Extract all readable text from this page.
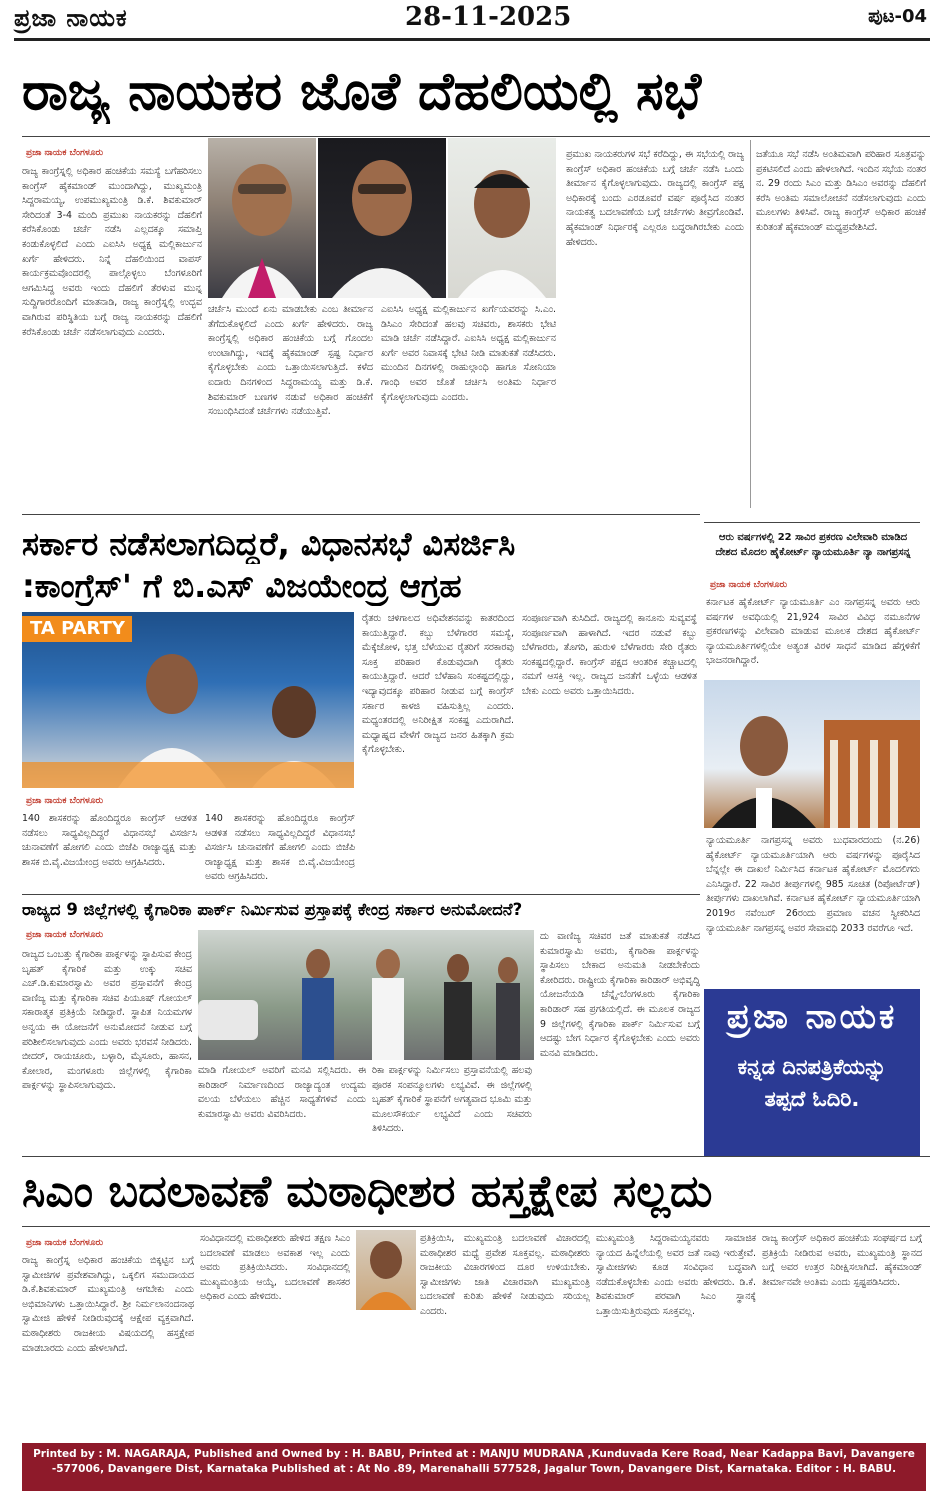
ಪ್ರಜಾ ನಾಯಕ	28-11-2025	ಪುಟ-04
ರಾಜ್ಯ ನಾಯಕರ ಜೊತೆ ದೆಹಲಿಯಲ್ಲಿ ಸಭೆ
ಪ್ರಜಾ ನಾಯಕ ಬೆಂಗಳೂರು
ರಾಜ್ಯ ಕಾಂಗ್ರೆಸ್ನಲ್ಲಿ ಅಧಿಕಾರ ಹಂಚಿಕೆಯ ಸಮಸ್ಯೆ ಬಗೆಹರಿಸಲು ಕಾಂಗ್ರೆಸ್ ಹೈಕಮಾಂಡ್ ಮುಂದಾಗಿದ್ದು, ಮುಖ್ಯಮಂತ್ರಿ ಸಿದ್ದರಾಮಯ್ಯ, ಉಪಮುಖ್ಯಮಂತ್ರಿ ಡಿ.ಕೆ. ಶಿವಕುಮಾರ್ ಸೇರಿದಂತೆ 3-4 ಮಂದಿ ಪ್ರಮುಖ ನಾಯಕರನ್ನು ದೆಹಲಿಗೆ ಕರೆಸಿಕೊಂಡು ಚರ್ಚೆ ನಡೆಸಿ ಎಲ್ಲದಕ್ಕೂ ಸಮಾಪ್ತಿ ಕಂಡುಕೊಳ್ಳಲಿದೆ ಎಂದು ಎಐಸಿಸಿ ಅಧ್ಯಕ್ಷ ಮಲ್ಲಿಕಾರ್ಜುನ ಖರ್ಗೆ ಹೇಳಿದರು. ನಿನ್ನೆ ದೆಹಲಿಯಿಂದ ವಾಪಸ್ ಕಾರ್ಯಕ್ರಮವೊಂದರಲ್ಲಿ ಪಾಲ್ಗೊಳ್ಳಲು ಬೆಂಗಳೂರಿಗೆ ಆಗಮಿಸಿದ್ದ ಅವರು ಇಂದು ದೆಹಲಿಗೆ ತೆರಳುವ ಮುನ್ನ ಸುದ್ದಿಗಾರರೊಂದಿಗೆ ಮಾತನಾಡಿ, ರಾಜ್ಯ ಕಾಂಗ್ರೆಸ್ನಲ್ಲಿ ಉದ್ಭವ ವಾಗಿರುವ ಪರಿಸ್ಥಿತಿಯ ಬಗ್ಗೆ ರಾಜ್ಯ ನಾಯಕರನ್ನು ದೆಹಲಿಗೆ ಕರೆಸಿಕೊಂಡು ಚರ್ಚೆ ನಡೆಸಲಾಗುವುದು ಎಂದರು.
ಚರ್ಚೆಸಿ ಮುಂದೆ ಏನು ಮಾಡಬೇಕು ಎಂಬ ತೀರ್ಮಾನ ತೆಗೆದುಕೊಳ್ಳಲಿದೆ ಎಂದು ಖರ್ಗೆ ಹೇಳಿದರು. ರಾಜ್ಯ ಕಾಂಗ್ರೆಸ್ನಲ್ಲಿ ಅಧಿಕಾರ ಹಂಚಿಕೆಯ ಬಗ್ಗೆ ಗೊಂದಲ ಉಂಟಾಗಿದ್ದು, ಇದಕ್ಕೆ ಹೈಕಮಾಂಡ್ ಸ್ಪಷ್ಟ ನಿರ್ಧಾರ ಕೈಗೊಳ್ಳಬೇಕು ಎಂದು ಒತ್ತಾಯಿಸಲಾಗುತ್ತಿದೆ. ಕಳೆದ ಐದಾರು ದಿನಗಳಿಂದ ಸಿದ್ದರಾಮಯ್ಯ ಮತ್ತು ಡಿ.ಕೆ. ಶಿವಕುಮಾರ್ ಬಣಗಳ ನಡುವೆ ಅಧಿಕಾರ ಹಂಚಿಕೆಗೆ ಸಂಬಂಧಿಸಿದಂತೆ ಚರ್ಚೆಗಳು ನಡೆಯುತ್ತಿವೆ.
ಎಐಸಿಸಿ ಅಧ್ಯಕ್ಷ ಮಲ್ಲಿಕಾರ್ಜುನ ಖರ್ಗೆಯವರನ್ನು ಸಿ.ಎಂ. ಡಿಸಿಎಂ ಸೇರಿದಂತೆ ಹಲವು ಸಚಿವರು, ಶಾಸಕರು ಭೇಟಿ ಮಾಡಿ ಚರ್ಚೆ ನಡೆಸಿದ್ದಾರೆ. ಎಐಸಿಸಿ ಅಧ್ಯಕ್ಷ ಮಲ್ಲಿಕಾರ್ಜುನ ಖರ್ಗೆ ಅವರ ನಿವಾಸಕ್ಕೆ ಭೇಟಿ ನೀಡಿ ಮಾತುಕತೆ ನಡೆಸಿದರು. ಮುಂದಿನ ದಿನಗಳಲ್ಲಿ ರಾಹುಲ್ಗಾಂಧಿ ಹಾಗೂ ಸೋನಿಯಾ ಗಾಂಧಿ ಅವರ ಜೊತೆ ಚರ್ಚಿಸಿ ಅಂತಿಮ ನಿರ್ಧಾರ ಕೈಗೊಳ್ಳಲಾಗುವುದು ಎಂದರು.
ಪ್ರಮುಖ ನಾಯಕರುಗಳ ಸಭೆ ಕರೆದಿದ್ದು, ಈ ಸಭೆಯಲ್ಲಿ ರಾಜ್ಯ ಕಾಂಗ್ರೆಸ್ ಅಧಿಕಾರ ಹಂಚಿಕೆಯ ಬಗ್ಗೆ ಚರ್ಚೆ ನಡೆಸಿ ಒಂದು ತೀರ್ಮಾನ ಕೈಗೊಳ್ಳಲಾಗುವುದು. ರಾಜ್ಯದಲ್ಲಿ ಕಾಂಗ್ರೆಸ್ ಪಕ್ಷ ಅಧಿಕಾರಕ್ಕೆ ಬಂದು ಎರಡೂವರೆ ವರ್ಷ ಪೂರೈಸಿದ ನಂತರ ನಾಯಕತ್ವ ಬದಲಾವಣೆಯ ಬಗ್ಗೆ ಚರ್ಚೆಗಳು ತೀವ್ರಗೊಂಡಿವೆ. ಹೈಕಮಾಂಡ್ ನಿರ್ಧಾರಕ್ಕೆ ಎಲ್ಲರೂ ಬದ್ಧರಾಗಿರಬೇಕು ಎಂದು ಹೇಳಿದರು.
ಜತೆಯೂ ಸಭೆ ನಡೆಸಿ ಅಂತಿಮವಾಗಿ ಪರಿಹಾರ ಸೂತ್ರವನ್ನು ಪ್ರಕಟಿಸಲಿದೆ ಎಂದು ಹೇಳಲಾಗಿದೆ. ಇಂದಿನ ಸಭೆಯ ನಂತರ ನ. 29 ರಂದು ಸಿಎಂ ಮತ್ತು ಡಿಸಿಎಂ ಅವರನ್ನು ದೆಹಲಿಗೆ ಕರೆಸಿ ಅಂತಿಮ ಸಮಾಲೋಚನೆ ನಡೆಸಲಾಗುವುದು ಎಂದು ಮೂಲಗಳು ತಿಳಿಸಿವೆ. ರಾಜ್ಯ ಕಾಂಗ್ರೆಸ್ ಅಧಿಕಾರ ಹಂಚಿಕೆ ಕುರಿತಂತೆ ಹೈಕಮಾಂಡ್ ಮಧ್ಯಪ್ರವೇಶಿಸಿದೆ.
ಸರ್ಕಾರ ನಡೆಸಲಾಗದಿದ್ದರೆ, ವಿಧಾನಸಭೆ ವಿಸರ್ಜಿಸಿ
:ಕಾಂಗ್ರೆಸ್' ಗೆ ಬಿ.ಎಸ್ ವಿಜಯೇಂದ್ರ ಆಗ್ರಹ
TA PARTY
ಪ್ರಜಾ ನಾಯಕ ಬೆಂಗಳೂರು
140 ಶಾಸಕರನ್ನು ಹೊಂದಿದ್ದರೂ ಕಾಂಗ್ರೆಸ್ ಆಡಳಿತ ನಡೆಸಲು ಸಾಧ್ಯವಿಲ್ಲದಿದ್ದರೆ ವಿಧಾನಸಭೆ ವಿಸರ್ಜಿಸಿ ಚುನಾವಣೆಗೆ ಹೋಗಲಿ ಎಂದು ಬಿಜೆಪಿ ರಾಜ್ಯಾಧ್ಯಕ್ಷ ಮತ್ತು ಶಾಸಕ ಬಿ.ವೈ.ವಿಜಯೇಂದ್ರ ಅವರು ಆಗ್ರಹಿಸಿದರು.
140 ಶಾಸಕರನ್ನು ಹೊಂದಿದ್ದರೂ ಕಾಂಗ್ರೆಸ್ ಆಡಳಿತ ನಡೆಸಲು ಸಾಧ್ಯವಿಲ್ಲದಿದ್ದರೆ ವಿಧಾನಸಭೆ ವಿಸರ್ಜಿಸಿ ಚುನಾವಣೆಗೆ ಹೋಗಲಿ ಎಂದು ಬಿಜೆಪಿ ರಾಜ್ಯಾಧ್ಯಕ್ಷ ಮತ್ತು ಶಾಸಕ ಬಿ.ವೈ.ವಿಜಯೇಂದ್ರ ಅವರು ಆಗ್ರಹಿಸಿದರು.
ರೈತರು ಚಳಿಗಾಲದ ಅಧಿವೇಶನವನ್ನು ಕಾತರದಿಂದ ಕಾಯುತ್ತಿದ್ದಾರೆ. ಕಬ್ಬು ಬೆಳೆಗಾರರ ಸಮಸ್ಯೆ, ಮೆಕ್ಕೆಜೋಳ, ಭತ್ತ ಬೆಳೆಯುವ ರೈತರಿಗೆ ಸರಕಾರವು ಸೂಕ್ತ ಪರಿಹಾರ ಕೊಡುವುದಾಗಿ ರೈತರು ಕಾಯುತ್ತಿದ್ದಾರೆ. ಆದರೆ ಬೆಳೆಹಾನಿ ಸಂಕಷ್ಟದಲ್ಲಿದ್ದು, ಇದ್ಯಾವುದಕ್ಕೂ ಪರಿಹಾರ ನೀಡುವ ಬಗ್ಗೆ ಕಾಂಗ್ರೆಸ್ ಸರ್ಕಾರ ಕಾಳಜಿ ವಹಿಸುತ್ತಿಲ್ಲ ಎಂದರು. ಮಧ್ಯಂತರದಲ್ಲಿ ಅನಿರೀಕ್ಷಿತ ಸಂಕಷ್ಟ ಎದುರಾಗಿದೆ. ಮಧ್ಯಾಹ್ನದ ವೇಳೆಗೆ ರಾಜ್ಯದ ಜನರ ಹಿತಕ್ಕಾಗಿ ಕ್ರಮ ಕೈಗೊಳ್ಳಬೇಕು.
ಸಂಪೂರ್ಣವಾಗಿ ಕುಸಿದಿದೆ. ರಾಜ್ಯದಲ್ಲಿ ಕಾನೂನು ಸುವ್ಯವಸ್ಥೆ ಸಂಪೂರ್ಣವಾಗಿ ಹಾಳಾಗಿದೆ. ಇದರ ನಡುವೆ ಕಬ್ಬು ಬೆಳೆಗಾರರು, ತೊಗರಿ, ಹುರುಳಿ ಬೆಳೆಗಾರರು ಸೇರಿ ರೈತರು ಸಂಕಷ್ಟದಲ್ಲಿದ್ದಾರೆ. ಕಾಂಗ್ರೆಸ್ ಪಕ್ಷದ ಆಂತರಿಕ ಕಚ್ಚಾಟದಲ್ಲಿ ನಮಗೆ ಆಸಕ್ತಿ ಇಲ್ಲ. ರಾಜ್ಯದ ಜನತೆಗೆ ಒಳ್ಳೆಯ ಆಡಳಿತ ಬೇಕು ಎಂದು ಅವರು ಒತ್ತಾಯಿಸಿದರು.
ಆರು ವರ್ಷಗಳಲ್ಲಿ 22 ಸಾವಿರ ಪ್ರಕರಣ ವಿಲೇವಾರಿ ಮಾಡಿದ ದೇಶದ ಮೊದಲ ಹೈಕೋರ್ಟ್ ನ್ಯಾಯಮೂರ್ತಿ ನ್ಯಾ ನಾಗಪ್ರಸನ್ನ
ಪ್ರಜಾ ನಾಯಕ ಬೆಂಗಳೂರು
ಕರ್ನಾಟಕ ಹೈಕೋರ್ಟ್ ನ್ಯಾಯಮೂರ್ತಿ ಎಂ ನಾಗಪ್ರಸನ್ನ ಅವರು ಆರು ವರ್ಷಗಳ ಅವಧಿಯಲ್ಲಿ 21,924 ಸಾವಿರ ವಿವಿಧ ನಮೂನೆಗಳ ಪ್ರಕರಣಗಳನ್ನು ವಿಲೇವಾರಿ ಮಾಡುವ ಮೂಲಕ ದೇಶದ ಹೈಕೋರ್ಟ್ ನ್ಯಾಯಮೂರ್ತಿಗಳಲ್ಲಿಯೇ ಅತ್ಯಂತ ವಿರಳ ಸಾಧನೆ ಮಾಡಿದ ಹೆಗ್ಗಳಿಕೆಗೆ ಭಾಜನರಾಗಿದ್ದಾರೆ.
ನ್ಯಾಯಮೂರ್ತಿ ನಾಗಪ್ರಸನ್ನ ಅವರು ಬುಧವಾರದಂದು (ನ.26) ಹೈಕೋರ್ಟ್ ನ್ಯಾಯಮೂರ್ತಿಯಾಗಿ ಆರು ವರ್ಷಗಳನ್ನು ಪೂರೈಸಿದ ಬೆನ್ನಲ್ಲೇ ಈ ದಾಖಲೆ ನಿರ್ಮಿಸಿದ ಕರ್ನಾಟಕ ಹೈಕೋರ್ಟ್ ಮೊದಲಿಗರು ಎನಿಸಿದ್ದಾರೆ. 22 ಸಾವಿರ ತೀರ್ಪುಗಳಲ್ಲಿ 985 ಸೂಚಿತ (ರಿಪೋರ್ಟೆಡ್) ತೀರ್ಪುಗಳು ದಾಖಲಾಗಿವೆ. ಕರ್ನಾಟಕ ಹೈಕೋರ್ಟ್ ನ್ಯಾಯಮೂರ್ತಿಯಾಗಿ 2019ರ ನವೆಂಬರ್ 26ರಂದು ಪ್ರಮಾಣ ವಚನ ಸ್ವೀಕರಿಸಿದ ನ್ಯಾಯಮೂರ್ತಿ ನಾಗಪ್ರಸನ್ನ ಅವರ ಸೇವಾವಧಿ 2033 ರವರೆಗೂ ಇದೆ.
ರಾಜ್ಯದ 9 ಜಿಲ್ಲೆಗಳಲ್ಲಿ ಕೈಗಾರಿಕಾ ಪಾರ್ಕ್ ನಿರ್ಮಿಸುವ ಪ್ರಸ್ತಾಪಕ್ಕೆ ಕೇಂದ್ರ ಸರ್ಕಾರ ಅನುಮೋದನೆ?
ಪ್ರಜಾ ನಾಯಕ ಬೆಂಗಳೂರು
ರಾಜ್ಯದ ಒಂಬತ್ತು ಕೈಗಾರಿಕಾ ಪಾರ್ಕ್ಗಳನ್ನು ಸ್ಥಾಪಿಸುವ ಕೇಂದ್ರ ಬೃಹತ್ ಕೈಗಾರಿಕೆ ಮತ್ತು ಉಕ್ಕು ಸಚಿವ ಎಚ್.ಡಿ.ಕುಮಾರಸ್ವಾಮಿ ಅವರ ಪ್ರಸ್ತಾವನೆಗೆ ಕೇಂದ್ರ ವಾಣಿಜ್ಯ ಮತ್ತು ಕೈಗಾರಿಕಾ ಸಚಿವ ಪಿಯೂಷ್ ಗೋಯಲ್ ಸಕಾರಾತ್ಮಕ ಪ್ರತಿಕ್ರಿಯೆ ನೀಡಿದ್ದಾರೆ. ಸ್ಥಾಪಿತ ನಿಯಮಗಳ ಅನ್ವಯ ಈ ಯೋಜನೆಗೆ ಅನುಮೋದನೆ ನೀಡುವ ಬಗ್ಗೆ ಪರಿಶೀಲಿಸಲಾಗುವುದು ಎಂದು ಅವರು ಭರವಸೆ ನೀಡಿದರು. ಬೀದರ್, ರಾಯಚೂರು, ಬಳ್ಳಾರಿ, ಮೈಸೂರು, ಹಾಸನ, ಕೋಲಾರ, ಮಂಗಳೂರು ಜಿಲ್ಲೆಗಳಲ್ಲಿ ಕೈಗಾರಿಕಾ ಪಾರ್ಕ್ಗಳನ್ನು ಸ್ಥಾಪಿಸಲಾಗುವುದು.
ಮಾಡಿ ಗೋಯಲ್ ಅವರಿಗೆ ಮನವಿ ಸಲ್ಲಿಸಿದರು. ಈ ಕಾರಿಡಾರ್ ನಿರ್ಮಾಣದಿಂದ ರಾಜ್ಯಾದ್ಯಂತ ಉದ್ಯಮ ವಲಯ ಬೆಳೆಯಲು ಹೆಚ್ಚಿನ ಸಾಧ್ಯತೆಗಳಿವೆ ಎಂದು ಕುಮಾರಸ್ವಾಮಿ ಅವರು ವಿವರಿಸಿದರು.
ರಿಕಾ ಪಾರ್ಕ್ಗಳನ್ನು ನಿರ್ಮಿಸಲು ಪ್ರಸ್ತಾವನೆಯಲ್ಲಿ ಹಲವು ಪೂರಕ ಸಂಪನ್ಮೂಲಗಳು ಲಭ್ಯವಿವೆ. ಈ ಜಿಲ್ಲೆಗಳಲ್ಲಿ ಬೃಹತ್ ಕೈಗಾರಿಕೆ ಸ್ಥಾಪನೆಗೆ ಅಗತ್ಯವಾದ ಭೂಮಿ ಮತ್ತು ಮೂಲಸೌಕರ್ಯ ಲಭ್ಯವಿದೆ ಎಂದು ಸಚಿವರು ತಿಳಿಸಿದರು.
ದು ವಾಣಿಜ್ಯ ಸಚಿವರ ಜತೆ ಮಾತುಕತೆ ನಡೆಸಿದ ಕುಮಾರಸ್ವಾಮಿ ಅವರು, ಕೈಗಾರಿಕಾ ಪಾರ್ಕ್ಗಳನ್ನು ಸ್ಥಾಪಿಸಲು ಬೇಕಾದ ಅನುಮತಿ ನೀಡಬೇಕೆಂದು ಕೋರಿದರು. ರಾಷ್ಟ್ರೀಯ ಕೈಗಾರಿಕಾ ಕಾರಿಡಾರ್ ಅಭಿವೃದ್ಧಿ ಯೋಜನೆಯಡಿ ಚೆನ್ನೈ-ಬೆಂಗಳೂರು ಕೈಗಾರಿಕಾ ಕಾರಿಡಾರ್ ಸಹ ಪ್ರಗತಿಯಲ್ಲಿದೆ. ಈ ಮೂಲಕ ರಾಜ್ಯದ 9 ಜಿಲ್ಲೆಗಳಲ್ಲಿ ಕೈಗಾರಿಕಾ ಪಾರ್ಕ್ ನಿರ್ಮಿಸುವ ಬಗ್ಗೆ ಆದಷ್ಟು ಬೇಗ ನಿರ್ಧಾರ ಕೈಗೊಳ್ಳಬೇಕು ಎಂದು ಅವರು ಮನವಿ ಮಾಡಿದರು.
ಪ್ರಜಾ ನಾಯಕ
ಕನ್ನಡ ದಿನಪತ್ರಿಕೆಯನ್ನು
ತಪ್ಪದೆ ಓದಿರಿ.
ಸಿಎಂ ಬದಲಾವಣೆ ಮಠಾಧೀಶರ ಹಸ್ತಕ್ಷೇಪ ಸಲ್ಲದು
ಪ್ರಜಾ ನಾಯಕ ಬೆಂಗಳೂರು
ರಾಜ್ಯ ಕಾಂಗ್ರೆಸ್ನ ಅಧಿಕಾರ ಹಂಚಿಕೆಯ ಬಿಕ್ಕಟ್ಟಿನ ಬಗ್ಗೆ ಸ್ವಾಮೀಜಿಗಳ ಪ್ರವೇಶವಾಗಿದ್ದು, ಒಕ್ಕಲಿಗ ಸಮುದಾಯದ ಡಿ.ಕೆ.ಶಿವಕುಮಾರ್ ಮುಖ್ಯಮಂತ್ರಿ ಆಗಬೇಕು ಎಂದು ಅಭಿಮಾನಿಗಳು ಒತ್ತಾಯಿಸಿದ್ದಾರೆ. ಶ್ರೀ ನಿರ್ಮಲಾನಂದನಾಥ ಸ್ವಾಮೀಜಿ ಹೇಳಿಕೆ ನೀಡಿರುವುದಕ್ಕೆ ಆಕ್ಷೇಪ ವ್ಯಕ್ತವಾಗಿದೆ. ಮಠಾಧೀಶರು ರಾಜಕೀಯ ವಿಷಯದಲ್ಲಿ ಹಸ್ತಕ್ಷೇಪ ಮಾಡಬಾರದು ಎಂದು ಹೇಳಲಾಗಿದೆ.
ಸಂವಿಧಾನದಲ್ಲಿ ಮಠಾಧೀಶರು ಹೇಳಿದ ತಕ್ಷಣ ಸಿಎಂ ಬದಲಾವಣೆ ಮಾಡಲು ಅವಕಾಶ ಇಲ್ಲ ಎಂದು ಅವರು ಪ್ರತಿಕ್ರಿಯಿಸಿದರು. ಸಂವಿಧಾನದಲ್ಲಿ ಮುಖ್ಯಮಂತ್ರಿಯ ಆಯ್ಕೆ, ಬದಲಾವಣೆ ಶಾಸಕರ ಅಧಿಕಾರ ಎಂದು ಹೇಳಿದರು.
ಪ್ರತಿಕ್ರಿಯಿಸಿ, ಮುಖ್ಯಮಂತ್ರಿ ಬದಲಾವಣೆ ವಿಚಾರದಲ್ಲಿ ಮಠಾಧೀಶರ ಮಧ್ಯೆ ಪ್ರವೇಶ ಸೂಕ್ತವಲ್ಲ. ಮಠಾಧೀಶರು ರಾಜಕೀಯ ವಿಚಾರಗಳಿಂದ ದೂರ ಉಳಿಯಬೇಕು. ಸ್ವಾಮೀಜಿಗಳು ಜಾತಿ ವಿಚಾರವಾಗಿ ಮುಖ್ಯಮಂತ್ರಿ ಬದಲಾವಣೆ ಕುರಿತು ಹೇಳಿಕೆ ನೀಡುವುದು ಸರಿಯಲ್ಲ ಎಂದರು.
ಮುಖ್ಯಮಂತ್ರಿ ಸಿದ್ದರಾಮಯ್ಯನವರು ಸಾಮಾಜಿಕ ನ್ಯಾಯದ ಹಿನ್ನೆಲೆಯಲ್ಲಿ ಅವರ ಜತೆ ನಾವು ಇರುತ್ತೇವೆ. ಸ್ವಾಮೀಜಿಗಳು ಕೂಡ ಸಂವಿಧಾನ ಬದ್ಧವಾಗಿ ನಡೆದುಕೊಳ್ಳಬೇಕು ಎಂದು ಅವರು ಹೇಳಿದರು. ಡಿ.ಕೆ. ಶಿವಕುಮಾರ್ ಪರವಾಗಿ ಸಿಎಂ ಸ್ಥಾನಕ್ಕೆ ಒತ್ತಾಯಿಸುತ್ತಿರುವುದು ಸೂಕ್ತವಲ್ಲ.
ರಾಜ್ಯ ಕಾಂಗ್ರೆಸ್ ಅಧಿಕಾರ ಹಂಚಿಕೆಯ ಸಂಘರ್ಷದ ಬಗ್ಗೆ ಪ್ರತಿಕ್ರಿಯೆ ನೀಡಿರುವ ಅವರು, ಮುಖ್ಯಮಂತ್ರಿ ಸ್ಥಾನದ ಬಗ್ಗೆ ಅವರ ಉತ್ತರ ನಿರೀಕ್ಷಿಸಲಾಗಿದೆ. ಹೈಕಮಾಂಡ್ ತೀರ್ಮಾನವೇ ಅಂತಿಮ ಎಂದು ಸ್ಪಷ್ಟಪಡಿಸಿದರು.
Printed by : M. NAGARAJA, Published and Owned by : H. BABU, Printed at : MANJU MUDRANA ,Kunduvada Kere Road, Near Kadappa Bavi, Davangere -577006, Davangere Dist, Karnataka Published at : At No .89, Marenahalli 577528, Jagalur Town, Davangere Dist, Karnataka. Editor : H. BABU.
